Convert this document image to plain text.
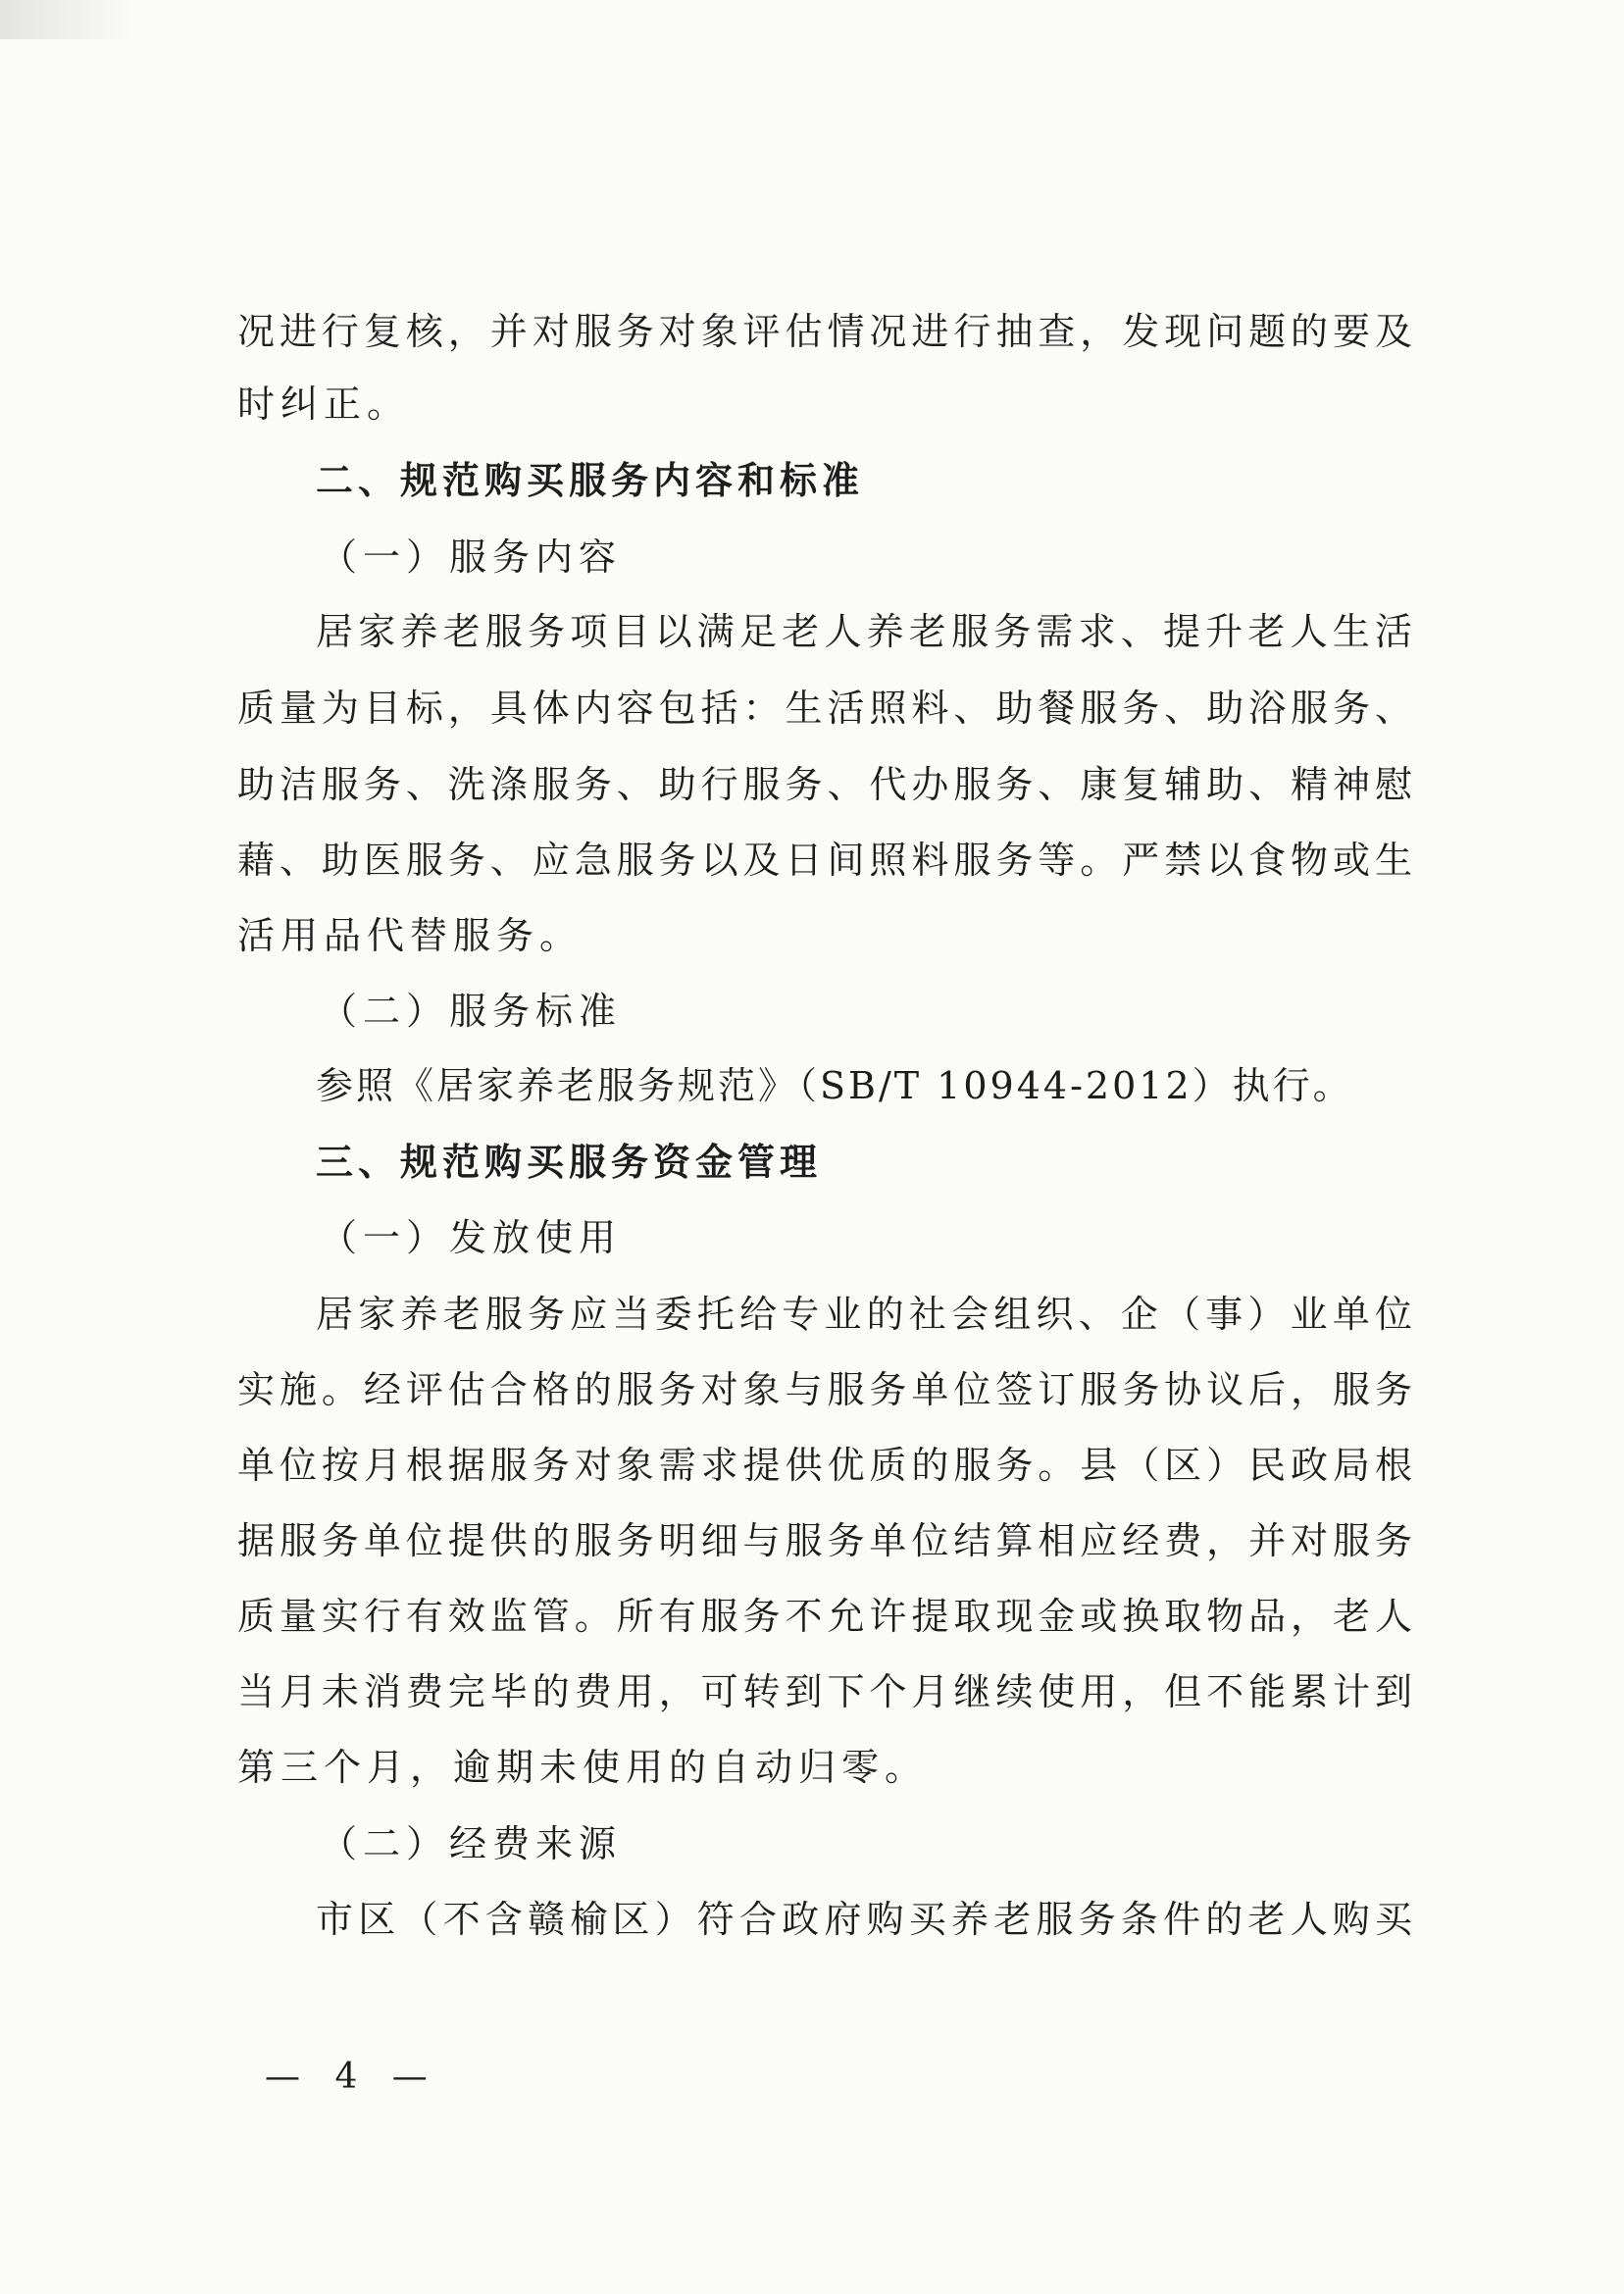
况进行复核，并对服务对象评估情况进行抽查，发现问题的要及
时纠正。
二、规范购买服务内容和标准
（一）服务内容
居家养老服务项目以满足老人养老服务需求、提升老人生活
质量为目标，具体内容包括：生活照料、助餐服务、助浴服务、
助洁服务、洗涤服务、助行服务、代办服务、康复辅助、精神慰
藉、助医服务、应急服务以及日间照料服务等。严禁以食物或生
活用品代替服务。
（二）服务标准
参照《居家养老服务规范》（SB/T 10944-2012）执行。
三、规范购买服务资金管理
（一）发放使用
居家养老服务应当委托给专业的社会组织、企（事）业单位
实施。经评估合格的服务对象与服务单位签订服务协议后，服务
单位按月根据服务对象需求提供优质的服务。县（区）民政局根
据服务单位提供的服务明细与服务单位结算相应经费，并对服务
质量实行有效监管。所有服务不允许提取现金或换取物品，老人
当月未消费完毕的费用，可转到下个月继续使用，但不能累计到
第三个月，逾期未使用的自动归零。
（二）经费来源
市区（不含赣榆区）符合政府购买养老服务条件的老人购买
— 4 —
